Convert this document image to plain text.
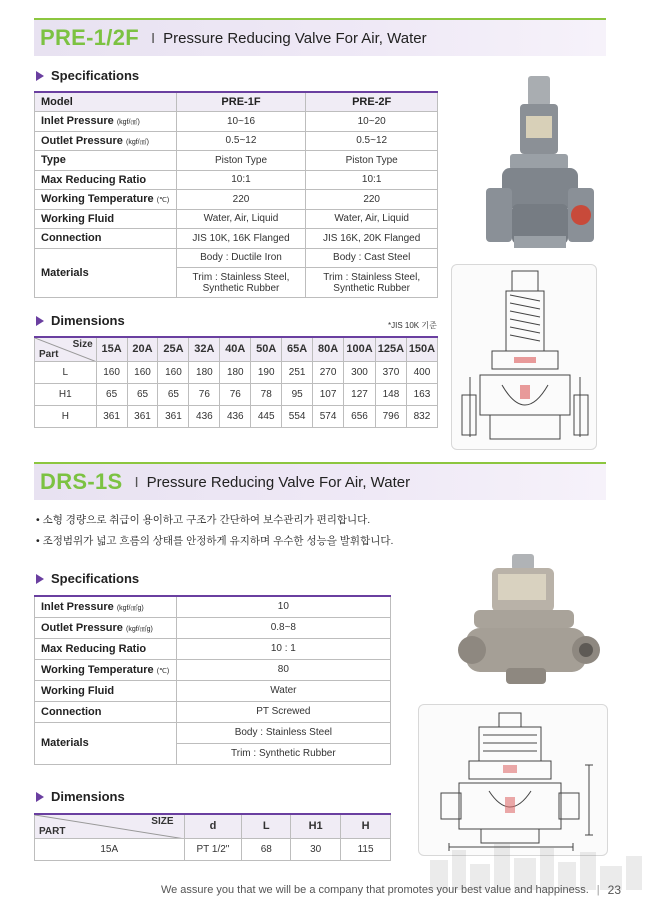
PRE-1/2F I Pressure Reducing Valve For Air, Water
Specifications
Model	PRE-1F	PRE-2F
Inlet Pressure (kgf/㎠)	10~16	10~20
Outlet Pressure (kgf/㎠)	0.5~12	0.5~12
Type	Piston Type	Piston Type
Max Reducing Ratio	10:1	10:1
Working Temperature (℃)	220	220
Working Fluid	Water, Air, Liquid	Water, Air, Liquid
Connection	JIS 10K, 16K Flanged	JIS 16K, 20K Flanged
Materials	Body : Ductile Iron	Body : Cast Steel
	Trim : Stainless Steel, Synthetic Rubber	Trim : Stainless Steel, Synthetic Rubber
Dimensions	*JIS 10K 기준
Size
Part	15A	20A	25A	32A	40A	50A	65A	80A	100A	125A	150A
L	160	160	160	180	180	190	251	270	300	370	400
H1	65	65	65	76	76	78	95	107	127	148	163
H	361	361	361	436	436	445	554	574	656	796	832
DRS-1S I Pressure Reducing Valve For Air, Water
• 소형 경량으로 취급이 용이하고 구조가 간단하여 보수관리가 편리합니다.
• 조정범위가 넓고 흐름의 상태를 안정하게 유지하며 우수한 성능을 발휘합니다.
Specifications
Inlet Pressure (kgf/㎠g)	10
Outlet Pressure (kgf/㎠g)	0.8~8
Max Reducing Ratio	10 : 1
Working Temperature (℃)	80
Working Fluid	Water
Connection	PT Screwed
Materials	Body : Stainless Steel
	Trim : Synthetic Rubber
Dimensions
SIZE
PART	d	L	H1	H
15A	PT 1/2"	68	30	115
We assure you that we will be a company that promotes your best value and happiness. | 23
